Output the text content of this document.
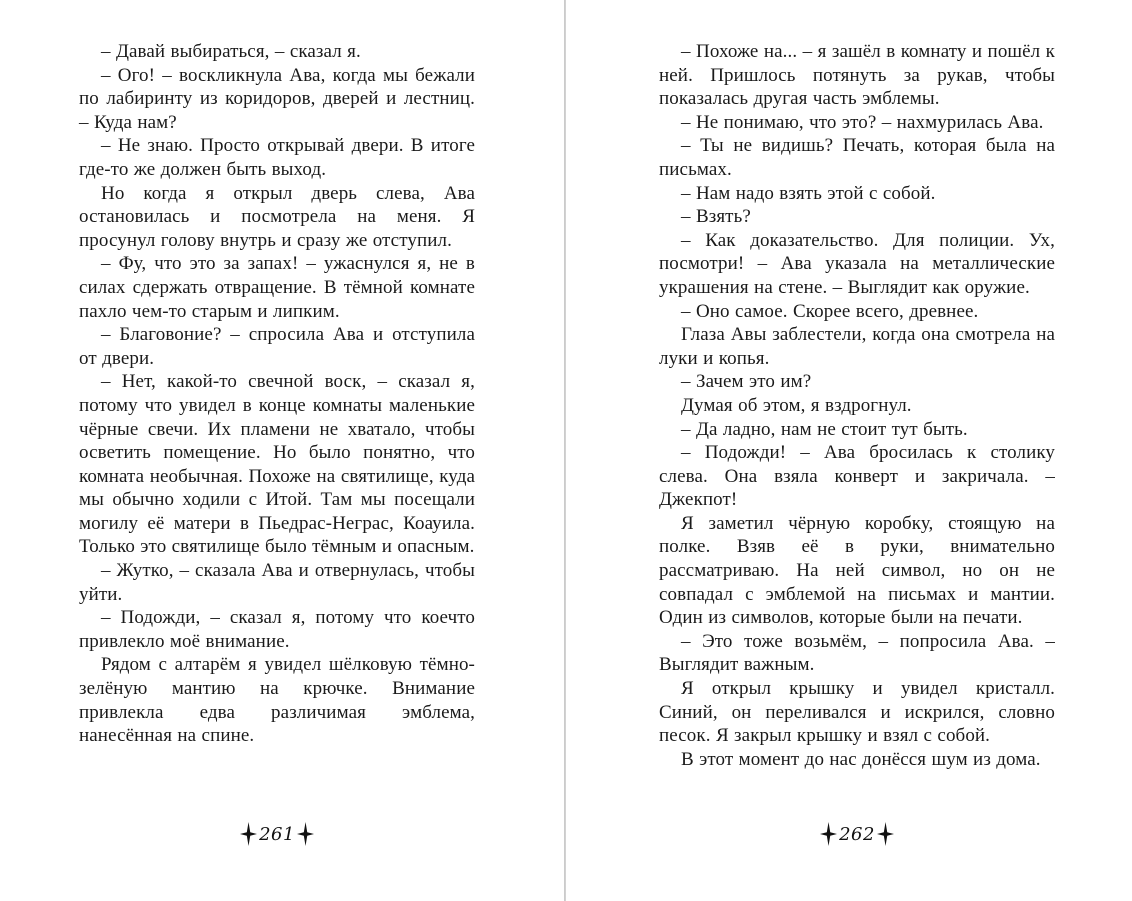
– Давай выбираться, – сказал я.

– Ого! – воскликнула Ава, когда мы бежали по лабиринту из коридоров, дверей и лестниц. – Куда нам?

– Не знаю. Просто открывай двери. В итоге где-то же должен быть выход.

Но когда я открыл дверь слева, Ава остановилась и посмотрела на меня. Я просунул голову внутрь и сразу же отступил.

– Фу, что это за запах! – ужаснулся я, не в силах сдержать отвращение. В тёмной комнате пахло чем-то старым и липким.

– Благовоние? – спросила Ава и отступила от двери.

– Нет, какой-то свечной воск, – сказал я, потому что увидел в конце комнаты маленькие чёрные свечи. Их пламени не хватало, чтобы осветить помещение. Но было понятно, что комната необычная. Похоже на святилище, куда мы обычно ходили с Итой. Там мы посещали могилу её матери в Пьедрас-Неграс, Коауила. Только это святилище было тёмным и опасным.

– Жутко, – сказала Ава и отвернулась, чтобы уйти.

– Подожди, – сказал я, потому что коечто привлекло моё внимание.

Рядом с алтарём я увидел шёлковую тёмно-зелёную мантию на крючке. Внимание привлекла едва различимая эмблема, нанесённая на спине.

– Похоже на... – я зашёл в комнату и пошёл к ней. Пришлось потянуть за рукав, чтобы показалась другая часть эмблемы.

– Не понимаю, что это? – нахмурилась Ава.

– Ты не видишь? Печать, которая была на письмах.

– Нам надо взять этой с собой.

– Взять?

– Как доказательство. Для полиции. Ух, посмотри! – Ава указала на металлические украшения на стене. – Выглядит как оружие.

– Оно самое. Скорее всего, древнее.

Глаза Авы заблестели, когда она смотрела на луки и копья.

– Зачем это им?

Думая об этом, я вздрогнул.

– Да ладно, нам не стоит тут быть.

– Подожди! – Ава бросилась к столику слева. Она взяла конверт и закричала. – Джекпот!

Я заметил чёрную коробку, стоящую на полке. Взяв её в руки, внимательно рассматриваю. На ней символ, но он не совпадал с эмблемой на письмах и мантии. Один из символов, которые были на печати.

– Это тоже возьмём, – попросила Ава. – Выглядит важным.

Я открыл крышку и увидел кристалл. Синий, он переливался и искрился, словно песок. Я закрыл крышку и взял с собой.

В этот момент до нас донёсся шум из дома.

261	262
